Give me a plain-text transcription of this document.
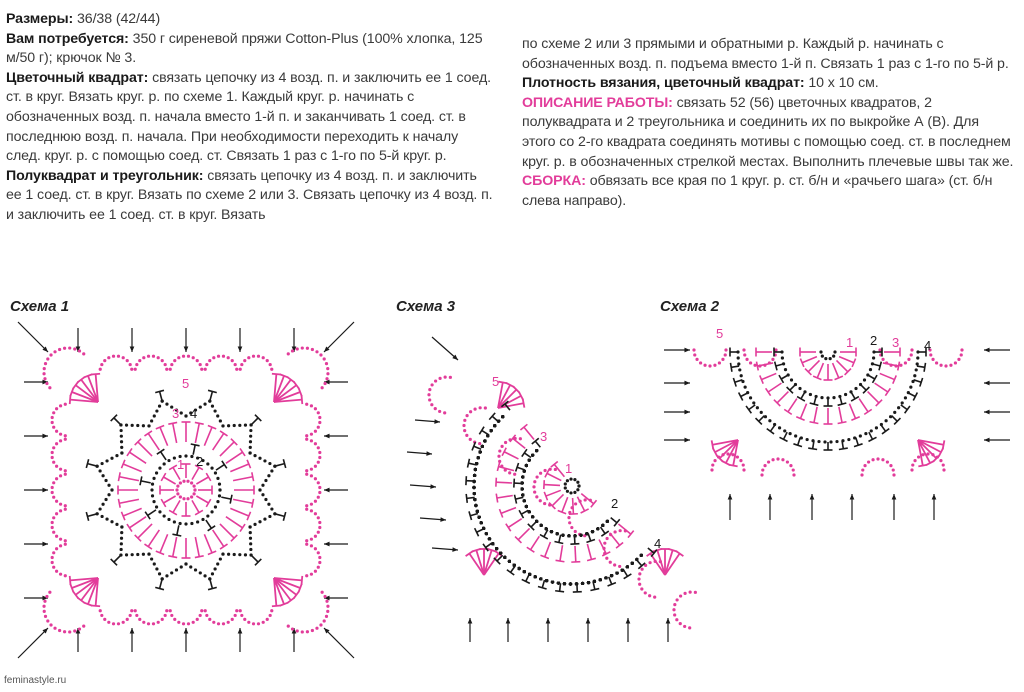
Размеры: 36/38 (42/44)

Вам потребуется: 350 г сиреневой пряжи Cotton-Plus (100% хлопка, 125 м/50 г); крючок № 3.

Цветочный квадрат: связать цепочку из 4 возд. п. и заключить ее 1 соед. ст. в круг. Вязать круг. р. по схеме 1. Каждый круг. р. начинать с обозначенных возд. п. начала вместо 1-й п. и заканчивать 1 соед. ст. в последнюю возд. п. начала. При необходимости переходить к началу след. круг. р. с помощью соед. ст. Связать 1 раз с 1-го по 5-й круг. р.

Полуквадрат и треугольник: связать цепочку из 4 возд. п. и заключить ее 1 соед. ст. в круг. Вязать по схеме 2 или 3. Связать цепочку из 4 возд. п. и заключить ее 1 соед. ст. в круг. Вязать

по схеме 2 или 3 прямыми и обратными р. Каждый р. начинать с обозначенных возд. п. подъема вместо 1-й п. Связать 1 раз с 1-го по 5-й р.

Плотность вязания, цветочный квадрат: 10 х 10 см.

ОПИСАНИЕ РАБОТЫ: связать 52 (56) цветочных квадратов, 2 полуквадрата и 2 треугольника и соединить их по выкройке А (В). Для этого со 2-го квадрата соединять мотивы с помощью соед. ст. в последнем круг. р. в обозначенных стрелкой местах. Выполнить плечевые швы так же.

СБОРКА: обвязать все края по 1 круг. р. ст. б/н и «рачьего шага» (ст. б/н слева направо).

Схема 1	Схема 3	Схема 2
1 2
3 4
5
1
2
3
4
5
1 2 3 4
5
feminastyle.ru
